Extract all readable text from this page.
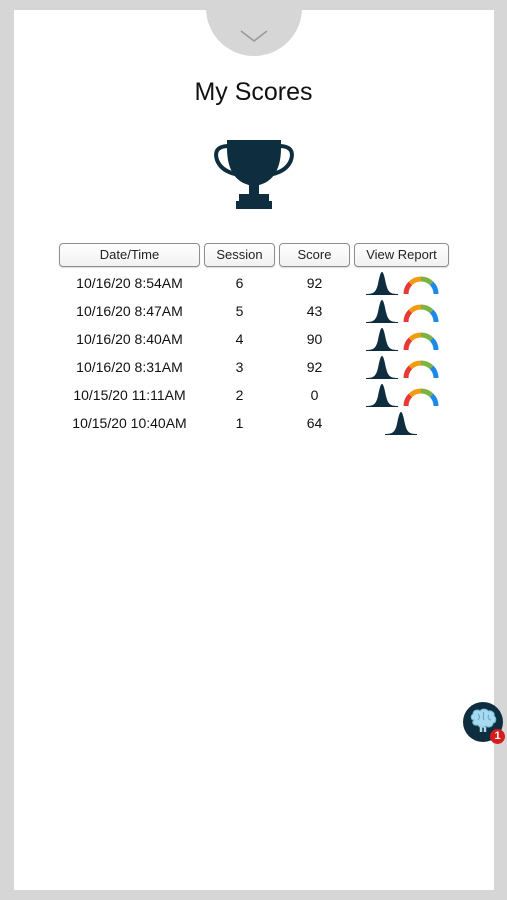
My Scores
Date/Time	Session	Score	View Report
10/16/20 8:54AM	6	92
10/16/20 8:47AM	5	43
10/16/20 8:40AM	4	90
10/16/20 8:31AM	3	92
10/15/20 11:11AM	2	0
10/15/20 10:40AM	1	64
1
